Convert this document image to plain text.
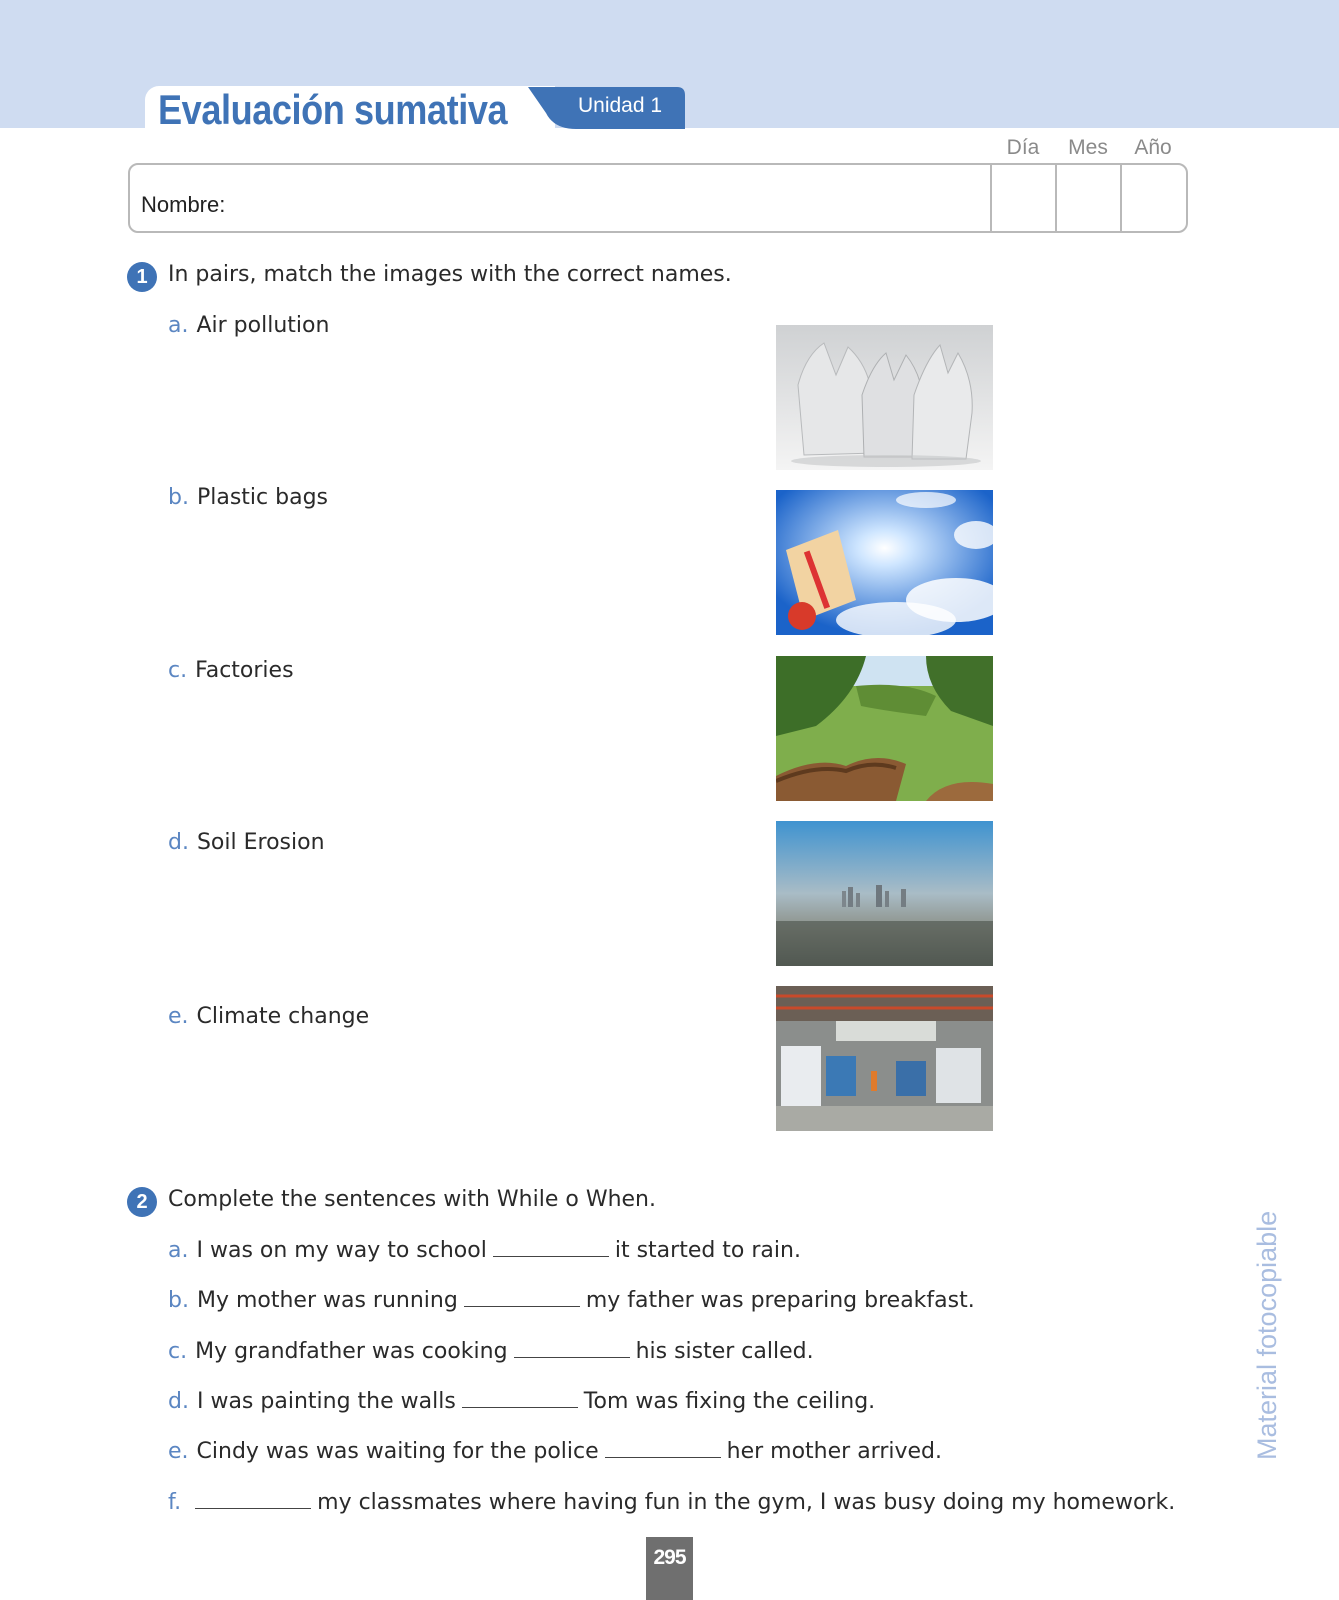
Evaluación sumativa	Unidad 1
Día	Mes	Año
Nombre:
1 In pairs, match the images with the correct names.
a. Air pollution
b. Plastic bags
c. Factories
d. Soil Erosion
e. Climate change
2 Complete the sentences with While o When.
a. I was on my way to school	it started to rain.
b. My mother was running	my father was preparing breakfast.
c. My grandfather was cooking	his sister called.
d. I was painting the walls	Tom was fixing the ceiling.
e. Cindy was was waiting for the police	her mother arrived.
f.	my classmates where having fun in the gym, I was busy doing my homework.
Material fotocopiable
295
